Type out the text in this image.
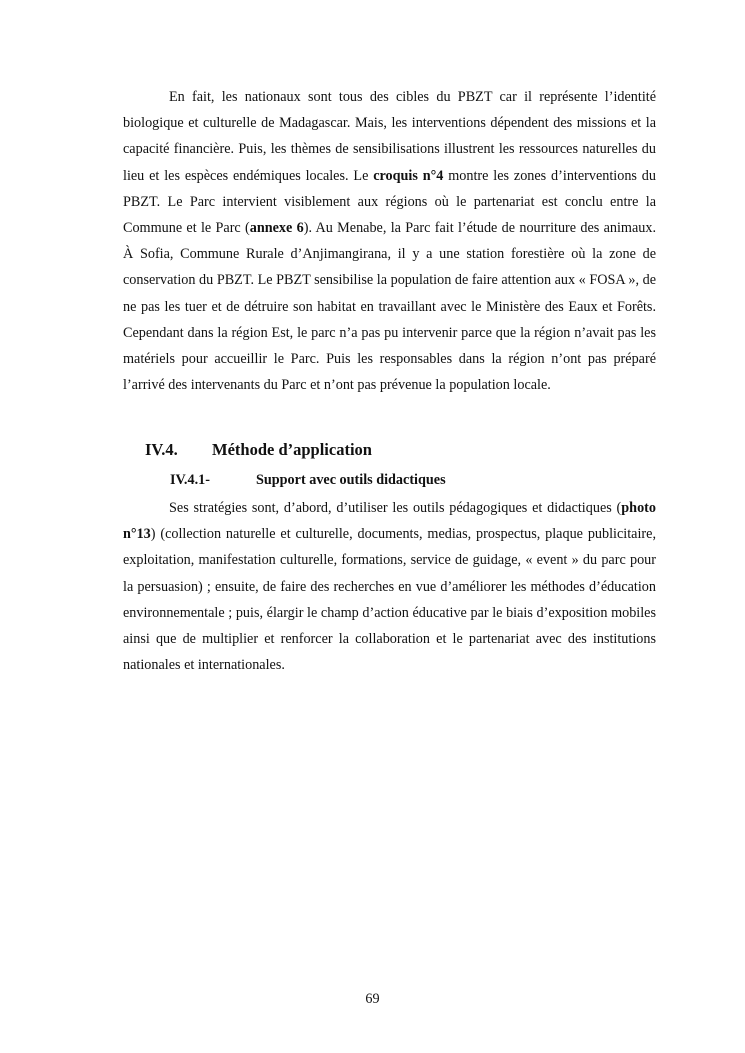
En fait, les nationaux sont tous des cibles du PBZT car il représente l’identité biologique et culturelle de Madagascar. Mais, les interventions dépendent des missions et la capacité financière. Puis, les thèmes de sensibilisations illustrent les ressources naturelles du lieu et les espèces endémiques locales. Le croquis n°4 montre les zones d’interventions du PBZT. Le Parc intervient visiblement aux régions où le partenariat est conclu entre la Commune et le Parc (annexe 6). Au Menabe, la Parc fait l’étude de nourriture des animaux. À Sofia, Commune Rurale d’Anjimangirana, il y a une station forestière où la zone de conservation du PBZT. Le PBZT sensibilise la population de faire attention aux « FOSA », de ne pas les tuer et de détruire son habitat en travaillant avec le Ministère des Eaux et Forêts. Cependant dans la région Est, le parc n’a pas pu intervenir parce que la région n’avait pas les matériels pour accueillir le Parc. Puis les responsables dans la région n’ont pas préparé l’arrivé des intervenants du Parc et n’ont pas prévenue la population locale.

IV.4. Méthode d’application
IV.4.1-	Support avec outils didactiques

Ses stratégies sont, d’abord, d’utiliser les outils pédagogiques et didactiques (photo n°13) (collection naturelle et culturelle, documents, medias, prospectus, plaque publicitaire, exploitation, manifestation culturelle, formations, service de guidage, « event » du parc pour la persuasion) ; ensuite, de faire des recherches en vue d’améliorer les méthodes d’éducation environnementale ; puis, élargir le champ d’action éducative par le biais d’exposition mobiles ainsi que de multiplier et renforcer la collaboration et le partenariat avec des institutions nationales et internationales.

69
